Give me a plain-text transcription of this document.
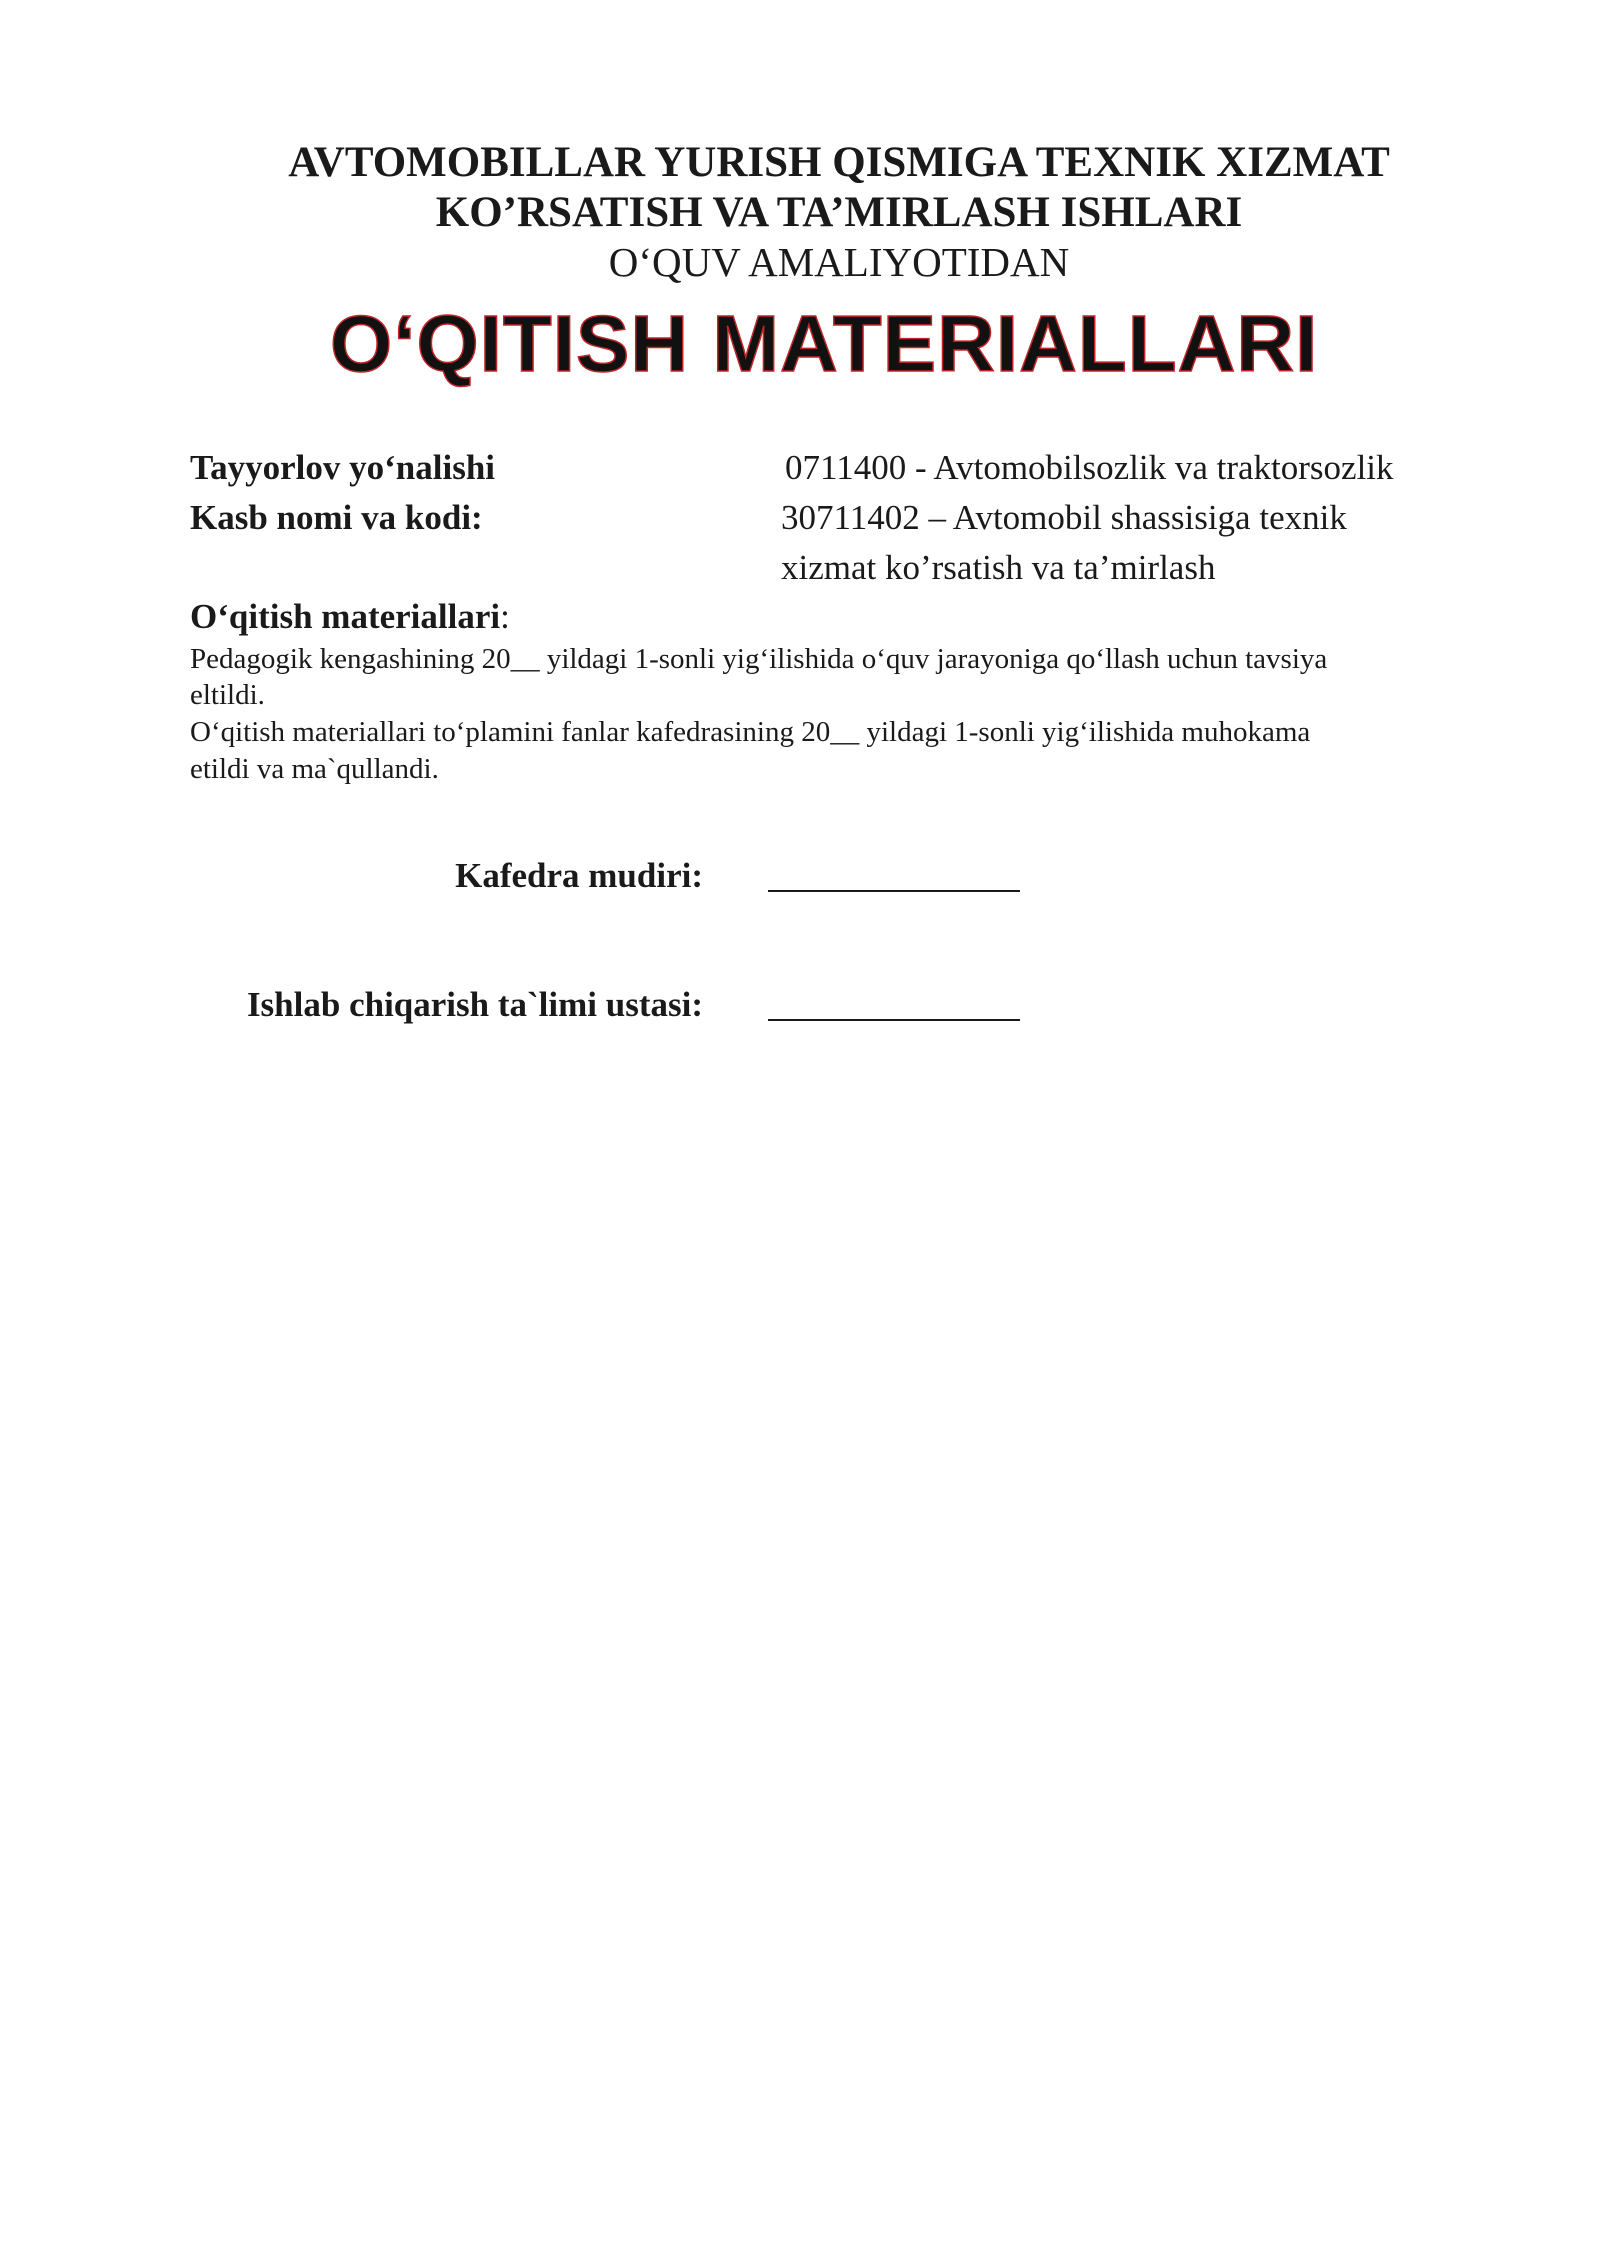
AVTOMOBILLAR YURISH QISMIGA TEXNIK XIZMAT
KO’RSATISH VA TA’MIRLASH ISHLARI
O‘QUV AMALIYOTIDAN
O‘QITISH MATERIALLARI
Tayyorlov yo‘nalishi	0711400 - Avtomobilsozlik va traktorsozlik
Kasb nomi va kodi:	30711402 – Avtomobil shassisiga texnik
xizmat ko’rsatish va ta’mirlash
O‘qitish materiallari:
Pedagogik kengashining 20__ yildagi 1-sonli yig‘ilishida o‘quv jarayoniga qo‘llash uchun tavsiya
eltildi.
O‘qitish materiallari to‘plamini fanlar kafedrasining 20__ yildagi 1-sonli yig‘ilishida muhokama
etildi va ma`qullandi.
Kafedra mudiri:
Ishlab chiqarish ta`limi ustasi:
